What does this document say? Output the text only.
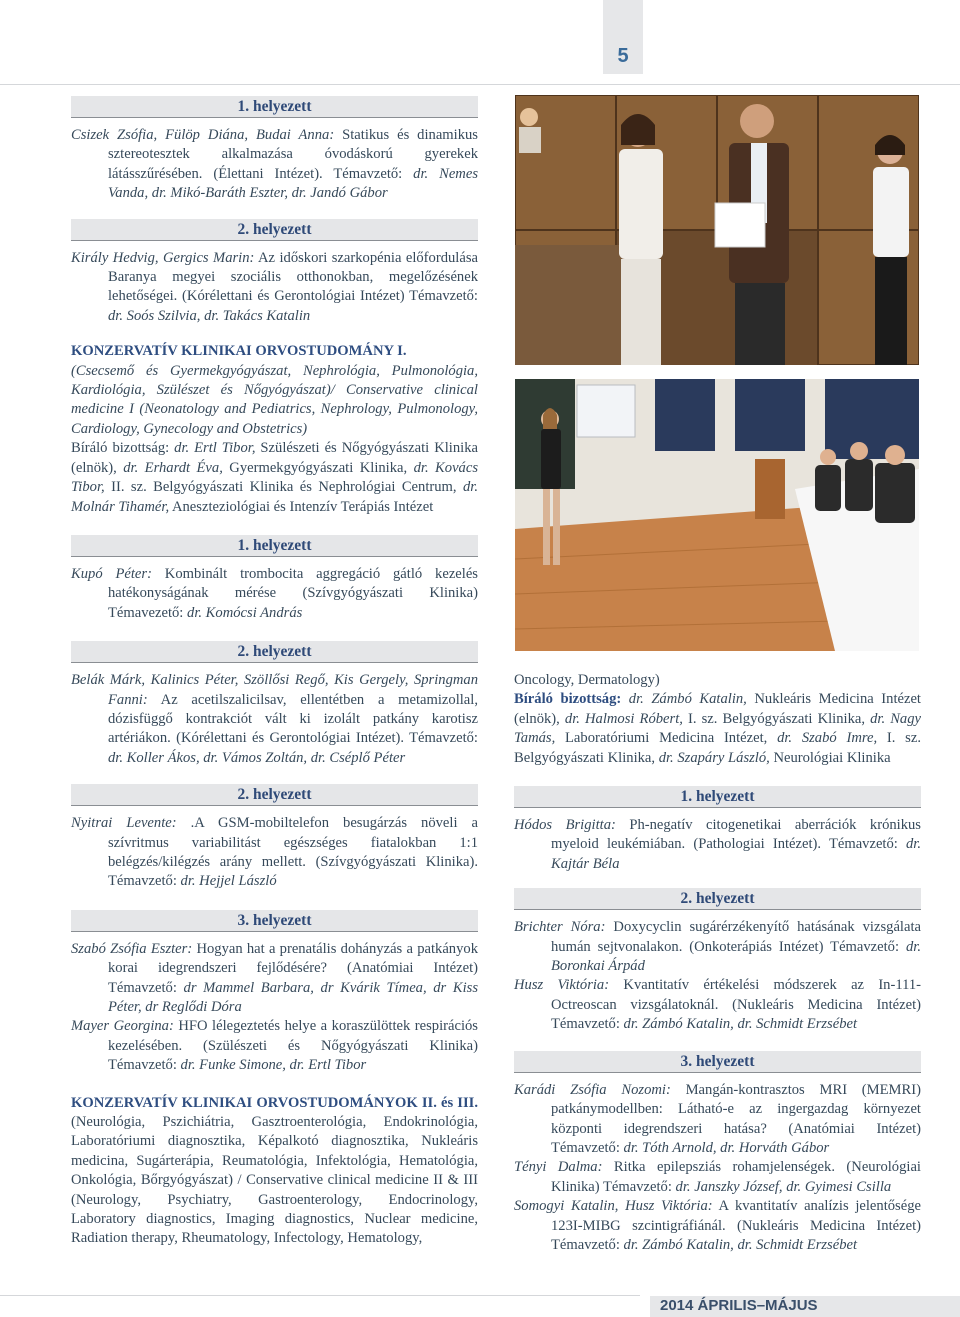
5
1. helyezett

Csizek Zsófia, Fülöp Diána, Budai Anna: Statikus és dinamikus sztereotesztek alkalmazása óvodáskorú gyerekek látásszűrésében. (Élettani Intézet). Témavzető: dr. Nemes Vanda, dr. Mikó-Baráth Eszter, dr. Jandó Gábor

2. helyezett

Király Hedvig, Gergics Marin: Az időskori szarkopénia előfordulása Baranya megyei szociális otthonokban, megelőzésének lehetőségei. (Kórélettani és Gerontológiai Intézet) Témavzető: dr. Soós Szilvia, dr. Takács Katalin

KONZERVATÍV KLINIKAI ORVOSTUDOMÁNY I.

(Csecsemő és Gyermekgyógyászat, Nephrológia, Pulmonológia, Kardiológia, Szülészet és Nőgyógyászat)/ Conservative clinical medicine I (Neonatology and Pediatrics, Nephrology, Pulmonology, Cardiology, Gynecology and Obstetrics)

Bíráló bizottság: dr. Ertl Tibor, Szülészeti és Nőgyógyászati Klinika (elnök), dr. Erhardt Éva, Gyermekgyógyászati Klinika, dr. Kovács Tibor, II. sz. Belgyógyászati Klinika és Nephrológiai Centrum, dr. Molnár Tihamér, Aneszteziológiai és Intenzív Terápiás Intézet

1. helyezett

Kupó Péter: Kombinált trombocita aggregáció gátló kezelés hatékonyságának mérése (Szívgyógyászati Klinika) Témavezető: dr. Komócsi András

2. helyezett

Belák Márk, Kalinics Péter, Szöllősi Regő, Kis Gergely, Springman Fanni: Az acetilszalicilsav, ellentétben a metamizollal, dózisfüggő kontrakciót vált ki izolált patkány karotisz artériákon. (Kórélettani és Gerontológiai Intézet). Témavzető: dr. Koller Ákos, dr. Vámos Zoltán, dr. Cséplő Péter

2. helyezett

Nyitrai Levente: .A GSM-mobiltelefon besugárzás növeli a szívritmus variabilitást egészséges fiatalokban 1:1 belégzés/kilégzés arány mellett. (Szívgyógyászati Klinika). Témavzető: dr. Hejjel László

3. helyezett

Szabó Zsófia Eszter: Hogyan hat a prenatális dohányzás a patkányok korai idegrendszeri fejlődésére? (Anatómiai Intézet) Témavzető: dr Mammel Barbara, dr Kvárik Tímea, dr Kiss Péter, dr Reglődi Dóra

Mayer Georgina: HFO lélegeztetés helye a koraszülöttek respirációs kezelésében. (Szülészeti és Nőgyógyászati Klinika) Témavzető: dr. Funke Simone, dr. Ertl Tibor

KONZERVATÍV KLINIKAI ORVOSTUDOMÁNYOK II. és III. (Neurológia, Pszichiátria, Gasztroenterológia, Endokrinológia, Laboratóriumi diagnosztika, Képalkotó diagnosztika, Nukleáris medicina, Sugárterápia, Reumatológia, Infektológia, Hematológia, Onkológia, Bőrgyógyászat) / Conservative clinical medicine II & III (Neurology, Psychiatry, Gastroenterology, Endocrinology, Laboratory diagnostics, Imaging diagnostics, Nuclear medicine, Radiation therapy, Rheumatology, Infectology, Hematology,

Oncology, Dermatology)

Bíráló bizottság: dr. Zámbó Katalin, Nukleáris Medicina Intézet (elnök), dr. Halmosi Róbert, I. sz. Belgyógyászati Klinika, dr. Nagy Tamás, Laboratóriumi Medicina Intézet, dr. Szabó Imre, I. sz. Belgyógyászati Klinika, dr. Szapáry László, Neurológiai Klinika

1. helyezett

Hódos Brigitta: Ph-negatív citogenetikai aberrációk krónikus myeloid leukémiában. (Pathologiai Intézet). Témavzető: dr. Kajtár Béla

2. helyezett

Brichter Nóra: Doxycyclin sugárérzékenyítő hatásának vizsgálata humán sejtvonalakon. (Onkoterápiás Intézet) Témavzető: dr. Boronkai Árpád

Husz Viktória: Kvantitatív értékelési módszerek az In-111-Octreoscan vizsgálatoknál. (Nukleáris Medicina Intézet) Témavzető: dr. Zámbó Katalin, dr. Schmidt Erzsébet

3. helyezett

Karádi Zsófia Nozomi: Mangán-kontrasztos MRI (MEMRI) patkánymodellben: Látható-e az ingergazdag környezet központi idegrendszeri hatása? (Anatómiai Intézet) Témavzető: dr. Tóth Arnold, dr. Horváth Gábor

Tényi Dalma: Ritka epilepsziás rohamjelenségek. (Neurológiai Klinika) Témavzető: dr. Janszky József, dr. Gyimesi Csilla

Somogyi Katalin, Husz Viktória: A kvantitatív analízis jelentősége 123I-MIBG szcintigráfiánál. (Nukleáris Medicina Intézet) Témavzető: dr. Zámbó Katalin, dr. Schmidt Erzsébet

2014 ÁPRILIS–MÁJUS
